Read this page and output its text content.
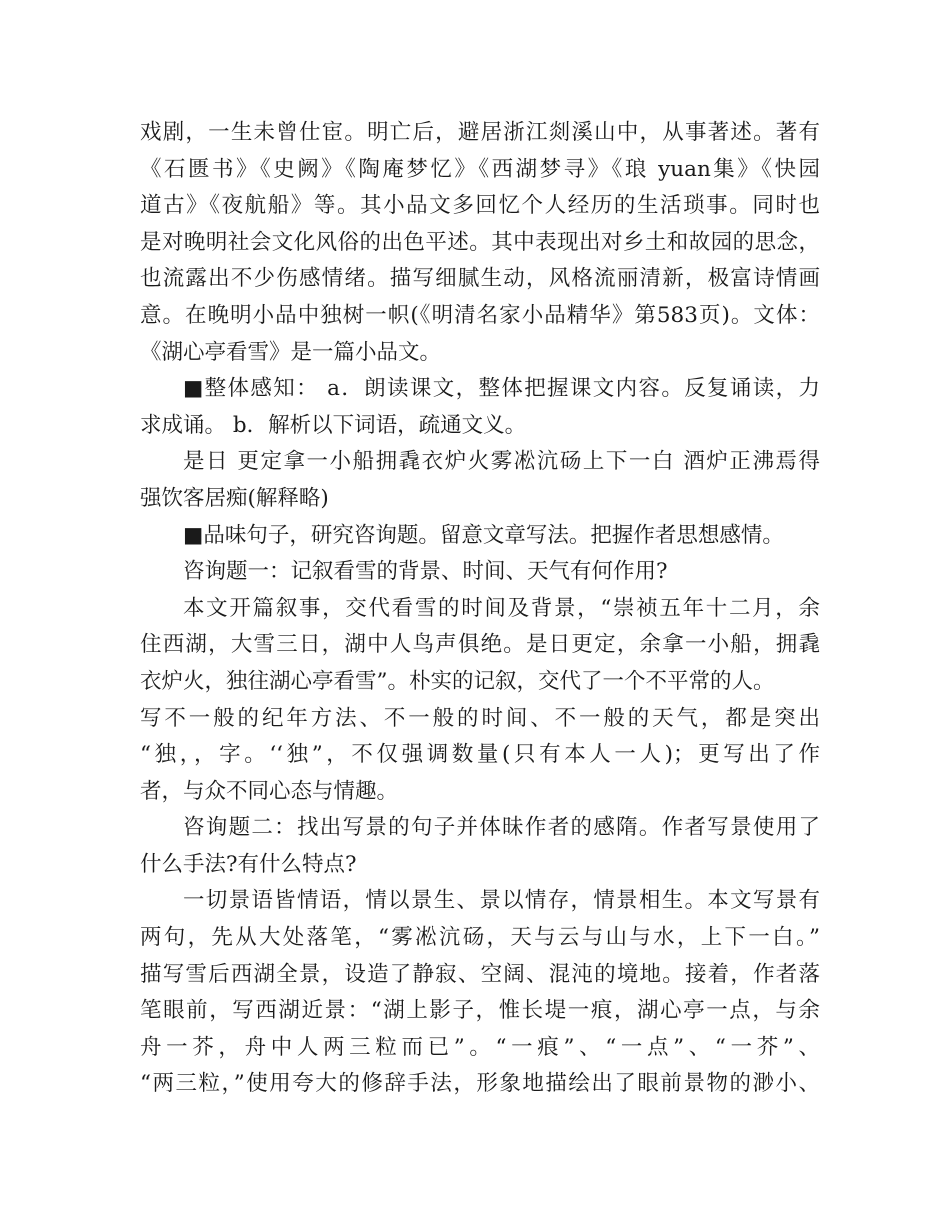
戏剧，一生未曾仕宦。明亡后，避居浙江剡溪山中，从事著述。著有
《石匮书》《史阙》《陶庵梦忆》《西湖梦寻》《琅 yuan集》《快园
道古》《夜航船》等。其小品文多回忆个人经历的生活琐事。同时也
是对晚明社会文化风俗的出色平述。其中表现出对乡土和故园的思念，
也流露出不少伤感情绪。描写细腻生动，风格流丽清新，极富诗情画
意。在晚明小品中独树一帜(《明清名家小品精华》第583页)。文体：
《湖心亭看雪》是一篇小品文。
■整体感知： a．朗读课文，整体把握课文内容。反复诵读，力
求成诵。 b．解析以下词语，疏通文义。
是日 更定拿一小船拥毳衣炉火雾凇沆砀上下一白 酒炉正沸焉得
强饮客居痴(解释略)
■品味句子，研究咨询题。留意文章写法。把握作者思想感情。
咨询题一：记叙看雪的背景、时间、天气有何作用?
本文开篇叙事，交代看雪的时间及背景，“崇祯五年十二月，余
住西湖，大雪三日，湖中人鸟声俱绝。是日更定，余拿一小船，拥毳
衣炉火，独往湖心亭看雪”。朴实的记叙，交代了一个不平常的人。
写不一般的纪年方法、不一般的时间、不一般的天气，都是突出
“独，，字。‘‘独”，不仅强调数量(只有本人一人)；更写出了作
者，与众不同心态与情趣。
咨询题二：找出写景的句子并体昧作者的感隋。作者写景使用了
什么手法?有什么特点?
一切景语皆情语，情以景生、景以情存，情景相生。本文写景有
两句，先从大处落笔，“雾凇沆砀，天与云与山与水，上下一白。”
描写雪后西湖全景，设造了静寂、空阔、混沌的境地。接着，作者落
笔眼前，写西湖近景：“湖上影子，惟长堤一痕，湖心亭一点，与余
舟一芥，舟中人两三粒而已”。“一痕”、“一点”、“一芥”、
“两三粒，”使用夸大的修辞手法，形象地描绘出了眼前景物的渺小、
